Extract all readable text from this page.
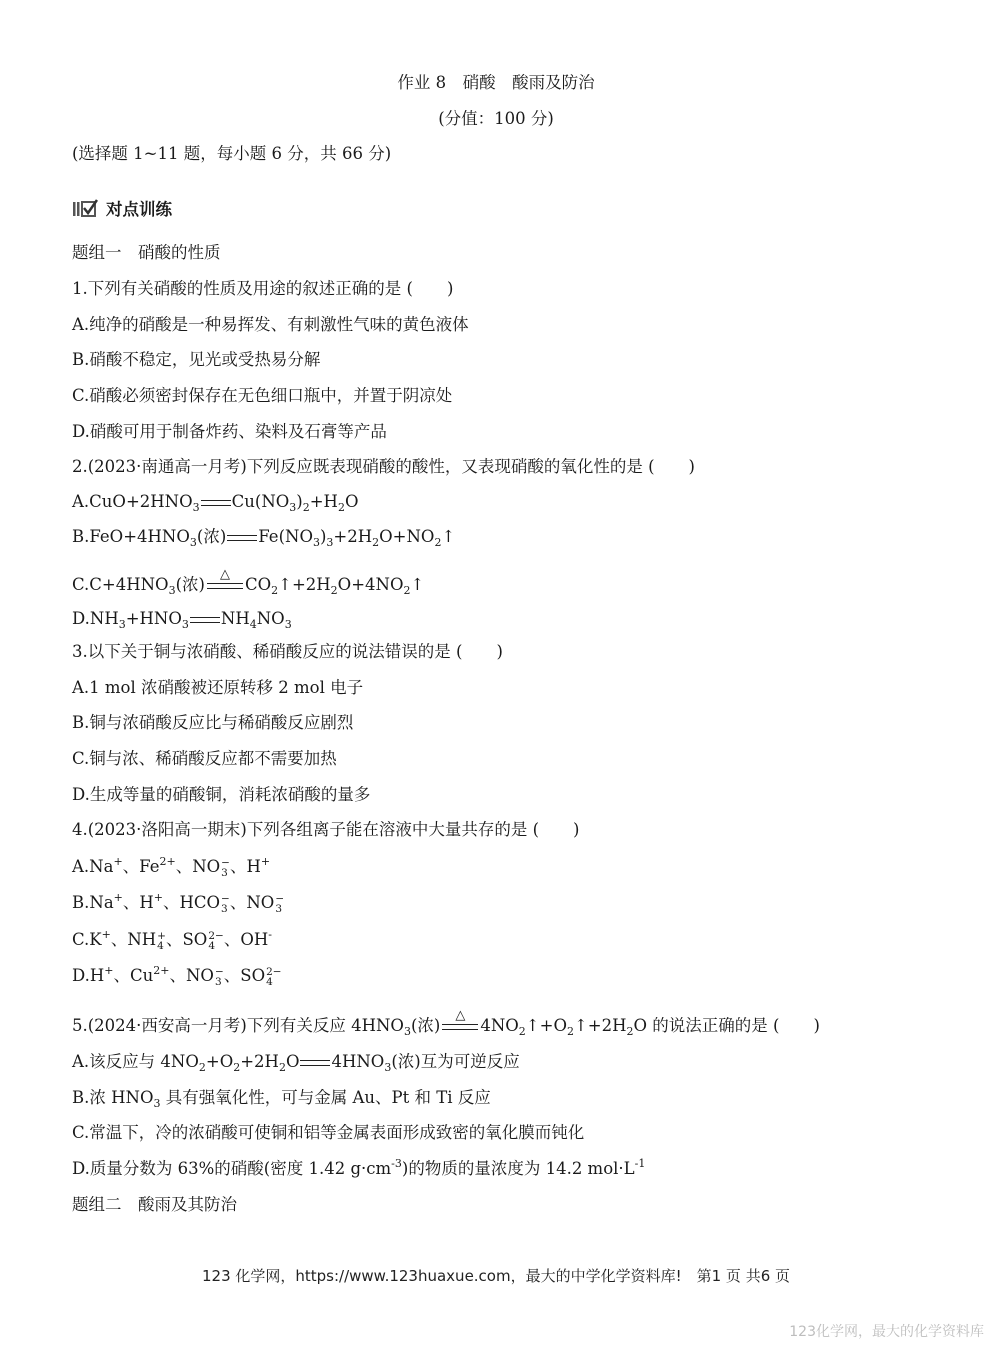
作业 8　硝酸　酸雨及防治
(分值：100 分)
(选择题 1~11 题，每小题 6 分，共 66 分)
对点训练
题组一　硝酸的性质
1.下列有关硝酸的性质及用途的叙述正确的是 ( )
A.纯净的硝酸是一种易挥发、有刺激性气味的黄色液体
B.硝酸不稳定，见光或受热易分解
C.硝酸必须密封保存在无色细口瓶中，并置于阴凉处
D.硝酸可用于制备炸药、染料及石膏等产品
2.(2023·南通高一月考)下列反应既表现硝酸的酸性，又表现硝酸的氧化性的是 ( )
$A.CuO+2HNO_3$ $Cu(NO_3)_2+H_2O$
$B.FeO+4HNO_3$(浓) $Fe(NO_3)_3+2H_2O+NO_2↑$
$C.C+4HNO_3$(浓)
△
$CO_2↑+2H_2O+4NO_2↑$
$D.NH_3+HNO_3$ $NH_4NO_3$
3.以下关于铜与浓硝酸、稀硝酸反应的说法错误的是 ( )
A.1 mol 浓硝酸被还原转移 2 mol 电子
B.铜与浓硝酸反应比与稀硝酸反应剧烈
C.铜与浓、稀硝酸反应都不需要加热
D.生成等量的硝酸铜，消耗浓硝酸的量多
4.(2023·洛阳高一期末)下列各组离子能在溶液中大量共存的是 ( )
A.Na+、$Fe^{2+}$、NO −
3 、H+
B.Na+、H+、HCO −
3 、NO −
3
C.K+、NH +
4 、SO 2−
4 、OH-
D.H+、$Cu^{2+}$、NO −
3 、SO 2−
4
5.(2024·西安高一月考)下列有关反应 $4HNO_3$(浓)
△
$4NO_2↑+O_2↑+2H_2O$ 的说法正确的是 ( )
A.该反应与 $4NO_2+O_2+2H_2O$ $4HNO_3$(浓)互为可逆反应
B.浓 $HNO_3$ 具有强氧化性，可与金属 Au、Pt 和 Ti 反应
C.常温下，冷的浓硝酸可使铜和铝等金属表面形成致密的氧化膜而钝化
D.质量分数为 63%的硝酸(密度 1.42 $g\cdot cm^{-3}$)的物质的量浓度为 14.2 $mol\cdot L^{-1}$
题组二　酸雨及其防治
123 化学网，https://www.123huaxue.com，最大的中学化学资料库!　第1 页 共6 页
123化学网，最大的化学资料库
